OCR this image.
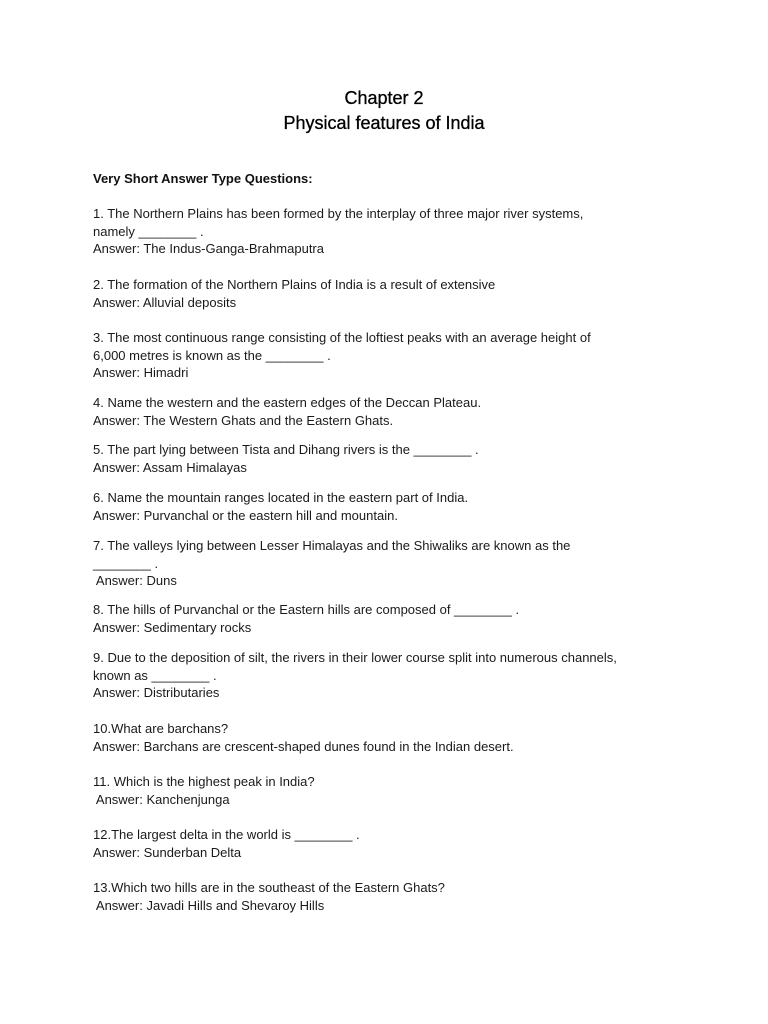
Chapter 2
Physical features of India
Very Short Answer Type Questions:
1. The Northern Plains has been formed by the interplay of three major river systems,
namely ________ .
Answer: The Indus-Ganga-Brahmaputra
2. The formation of the Northern Plains of India is a result of extensive
Answer: Alluvial deposits
3. The most continuous range consisting of the loftiest peaks with an average height of
6,000 metres is known as the ________ .
Answer: Himadri
4. Name the western and the eastern edges of the Deccan Plateau.
Answer: The Western Ghats and the Eastern Ghats.
5. The part lying between Tista and Dihang rivers is the ________ .
Answer: Assam Himalayas
6. Name the mountain ranges located in the eastern part of India.
Answer: Purvanchal or the eastern hill and mountain.
7. The valleys lying between Lesser Himalayas and the Shiwaliks are known as the
________ .
Answer: Duns
8. The hills of Purvanchal or the Eastern hills are composed of ________ .
Answer: Sedimentary rocks
9. Due to the deposition of silt, the rivers in their lower course split into numerous channels,
known as ________ .
Answer: Distributaries
10.What are barchans?
Answer: Barchans are crescent-shaped dunes found in the Indian desert.
11. Which is the highest peak in India?
Answer: Kanchenjunga
12.The largest delta in the world is ________ .
Answer: Sunderban Delta
13.Which two hills are in the southeast of the Eastern Ghats?
Answer: Javadi Hills and Shevaroy Hills
